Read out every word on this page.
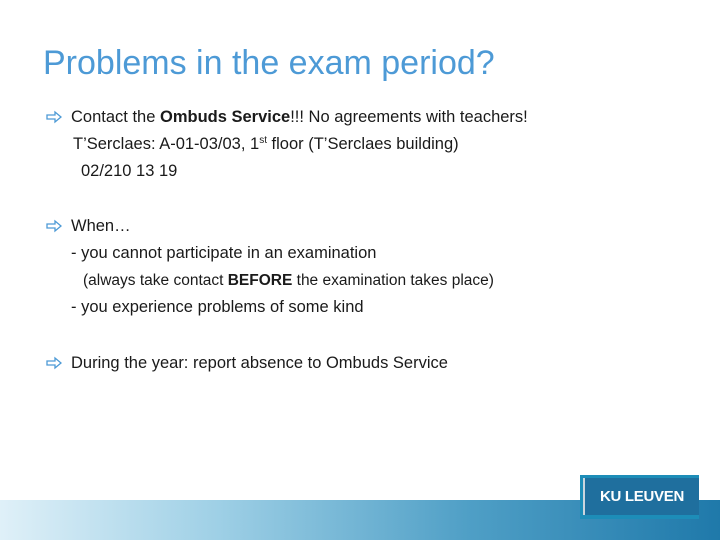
Problems in the exam period?
Contact the Ombuds Service!!! No agreements with teachers!
T’Serclaes: A-01-03/03, 1st floor (T’Serclaes building)
02/210 13 19
When…
- you cannot participate in an examination
(always take contact BEFORE the examination takes place)
- you experience problems of some kind
During the year: report absence to Ombuds Service
KU LEUVEN
